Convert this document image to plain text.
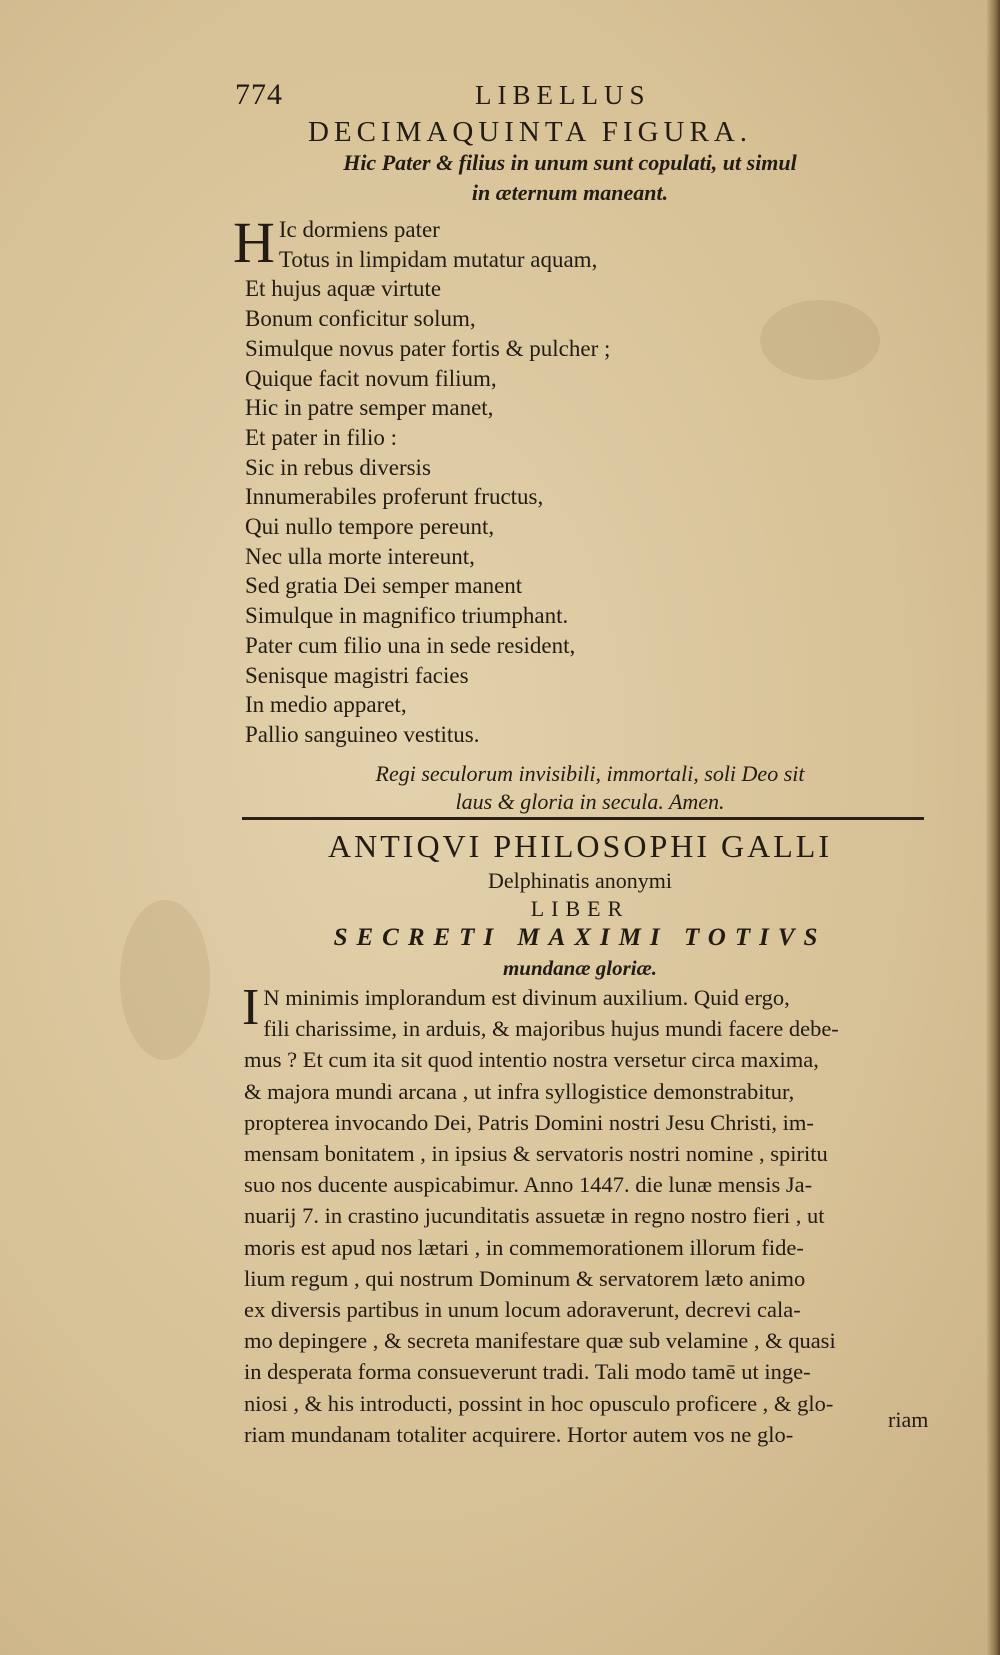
774	LIBELLUS
DECIMAQUINTA FIGURA.
Hic Pater & filius in unum sunt copulati, ut simul
in æternum maneant.
H Ic dormiens pater
Totus in limpidam mutatur aquam,
Et hujus aquæ virtute
Bonum conficitur solum,
Simulque novus pater fortis & pulcher ;
Quique facit novum filium,
Hic in patre semper manet,
Et pater in filio :
Sic in rebus diversis
Innumerabiles proferunt fructus,
Qui nullo tempore pereunt,
Nec ulla morte intereunt,
Sed gratia Dei semper manent
Simulque in magnifico triumphant.
Pater cum filio una in sede resident,
Senisque magistri facies
In medio apparet,
Pallio sanguineo vestitus.
Regi seculorum invisibili, immortali, soli Deo sit
laus & gloria in secula. Amen.
ANTIQVI PHILOSOPHI GALLI
Delphinatis anonymi
LIBER
SECRETI MAXIMI TOTIVS
mundanæ gloriæ.
I N minimis implorandum est divinum auxilium. Quid ergo,
fili charissime, in arduis, & majoribus hujus mundi facere debe-
mus ? Et cum ita sit quod intentio nostra versetur circa maxima,
& majora mundi arcana , ut infra syllogistice demonstrabitur,
propterea invocando Dei, Patris Domini nostri Jesu Christi, im-
mensam bonitatem , in ipsius & servatoris nostri nomine , spiritu
suo nos ducente auspicabimur. Anno 1447. die lunæ mensis Ja-
nuarij 7. in crastino jucunditatis assuetæ in regno nostro fieri , ut
moris est apud nos lætari , in commemorationem illorum fide-
lium regum , qui nostrum Dominum & servatorem læto animo
ex diversis partibus in unum locum adoraverunt, decrevi cala-
mo depingere , & secreta manifestare quæ sub velamine , & quasi
in desperata forma consueverunt tradi. Tali modo tamē ut inge-
niosi , & his introducti, possint in hoc opusculo proficere , & glo-
riam mundanam totaliter acquirere. Hortor autem vos ne glo-
riam
